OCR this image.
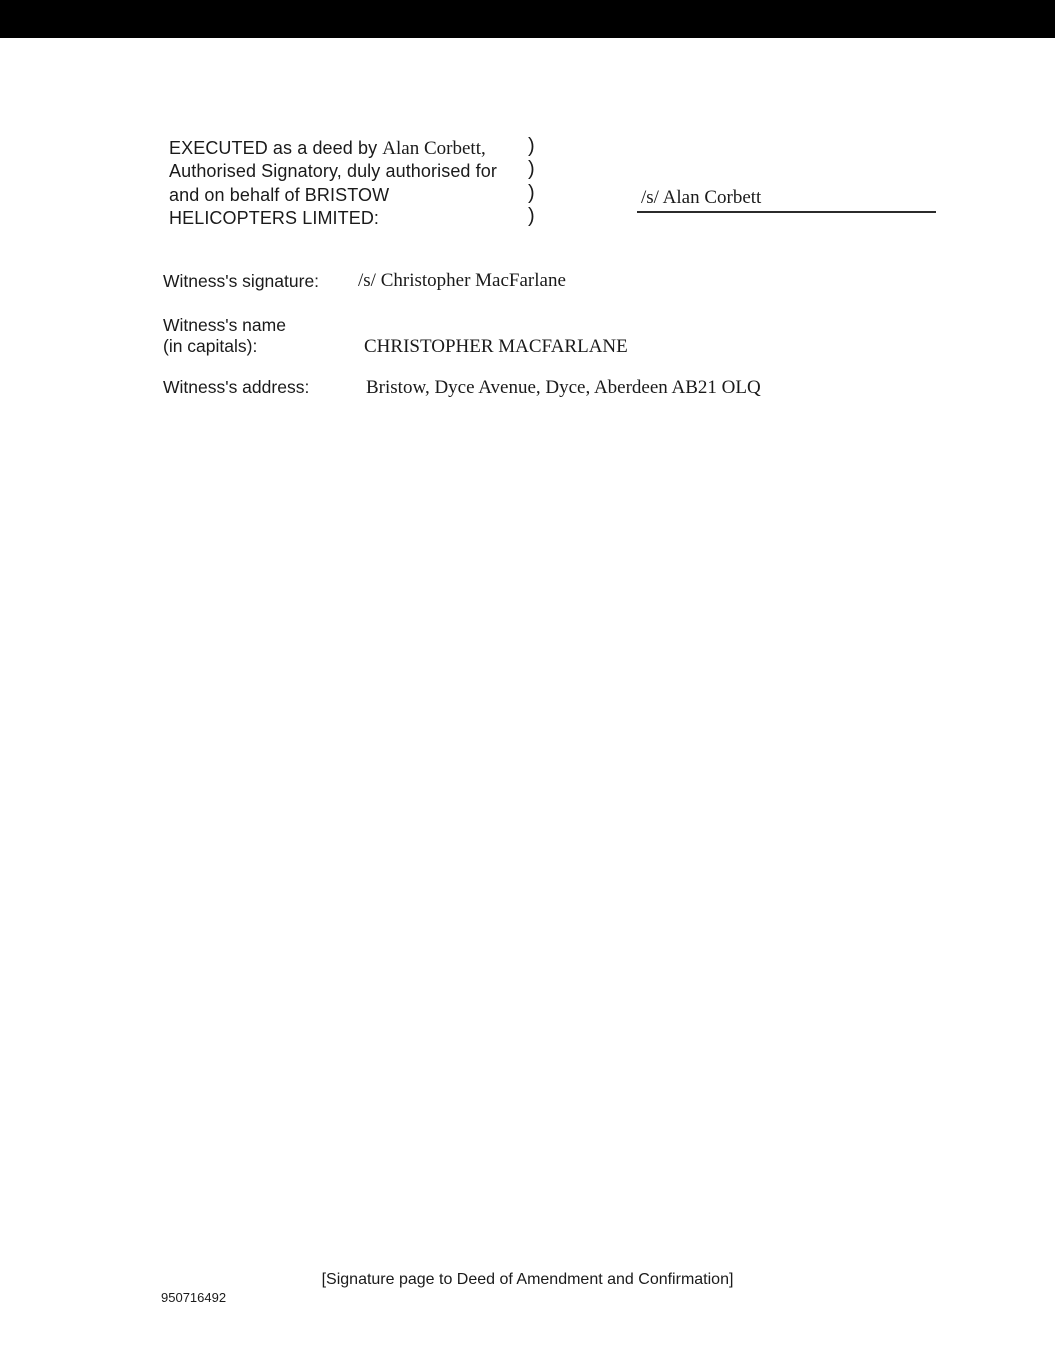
EXECUTED as a deed by Alan Corbett,
Authorised Signatory, duly authorised for
and on behalf of BRISTOW
HELICOPTERS LIMITED:
)
)
)
)
/s/ Alan Corbett
Witness's signature: /s/ Christopher MacFarlane
Witness's name
(in capitals):	CHRISTOPHER MACFARLANE
Witness's address:	Bristow, Dyce Avenue, Dyce, Aberdeen AB21 OLQ
[Signature page to Deed of Amendment and Confirmation]
950716492
